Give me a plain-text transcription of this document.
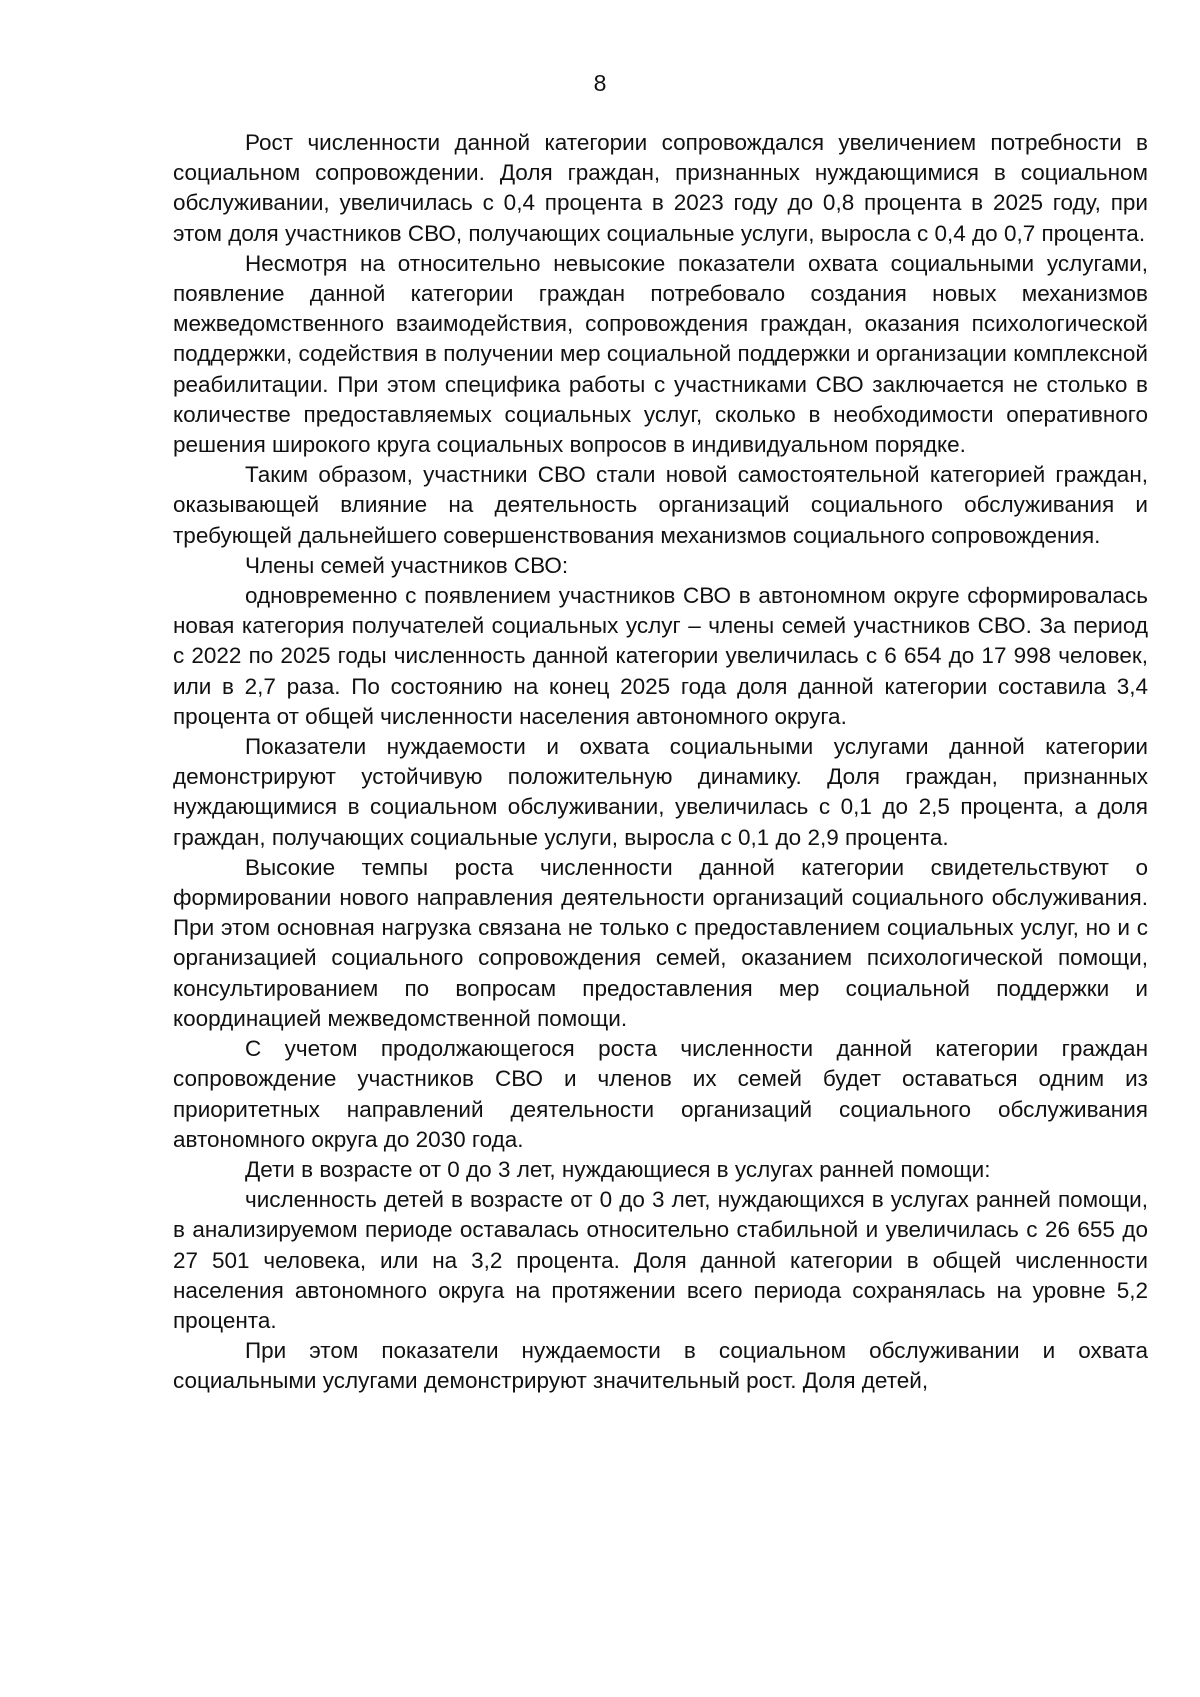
8

Рост численности данной категории сопровождался увеличением потребности в социальном сопровождении. Доля граждан, признанных нуждающимися в социальном обслуживании, увеличилась с 0,4 процента в 2023 году до 0,8 процента в 2025 году, при этом доля участников СВО, получающих социальные услуги, выросла с 0,4 до 0,7 процента.

Несмотря на относительно невысокие показатели охвата социальными услугами, появление данной категории граждан потребовало создания новых механизмов межведомственного взаимодействия, сопровождения граждан, оказания психологической поддержки, содействия в получении мер социальной поддержки и организации комплексной реабилитации. При этом специфика работы с участниками СВО заключается не столько в количестве предоставляемых социальных услуг, сколько в необходимости оперативного решения широкого круга социальных вопросов в индивидуальном порядке.

Таким образом, участники СВО стали новой самостоятельной категорией граждан, оказывающей влияние на деятельность организаций социального обслуживания и требующей дальнейшего совершенствования механизмов социального сопровождения.

Члены семей участников СВО:

одновременно с появлением участников СВО в автономном округе сформировалась новая категория получателей социальных услуг – члены семей участников СВО. За период с 2022 по 2025 годы численность данной категории увеличилась с 6 654 до 17 998 человек, или в 2,7 раза. По состоянию на конец 2025 года доля данной категории составила 3,4 процента от общей численности населения автономного округа.

Показатели нуждаемости и охвата социальными услугами данной категории демонстрируют устойчивую положительную динамику. Доля граждан, признанных нуждающимися в социальном обслуживании, увеличилась с 0,1 до 2,5 процента, а доля граждан, получающих социальные услуги, выросла с 0,1 до 2,9 процента.

Высокие темпы роста численности данной категории свидетельствуют о формировании нового направления деятельности организаций социального обслуживания. При этом основная нагрузка связана не только с предоставлением социальных услуг, но и с организацией социального сопровождения семей, оказанием психологической помощи, консультированием по вопросам предоставления мер социальной поддержки и координацией межведомственной помощи.

С учетом продолжающегося роста численности данной категории граждан сопровождение участников СВО и членов их семей будет оставаться одним из приоритетных направлений деятельности организаций социального обслуживания автономного округа до 2030 года.

Дети в возрасте от 0 до 3 лет, нуждающиеся в услугах ранней помощи:

численность детей в возрасте от 0 до 3 лет, нуждающихся в услугах ранней помощи, в анализируемом периоде оставалась относительно стабильной и увеличилась с 26 655 до 27 501 человека, или на 3,2 процента. Доля данной категории в общей численности населения автономного округа на протяжении всего периода сохранялась на уровне 5,2 процента.

При этом показатели нуждаемости в социальном обслуживании и охвата социальными услугами демонстрируют значительный рост. Доля детей,
